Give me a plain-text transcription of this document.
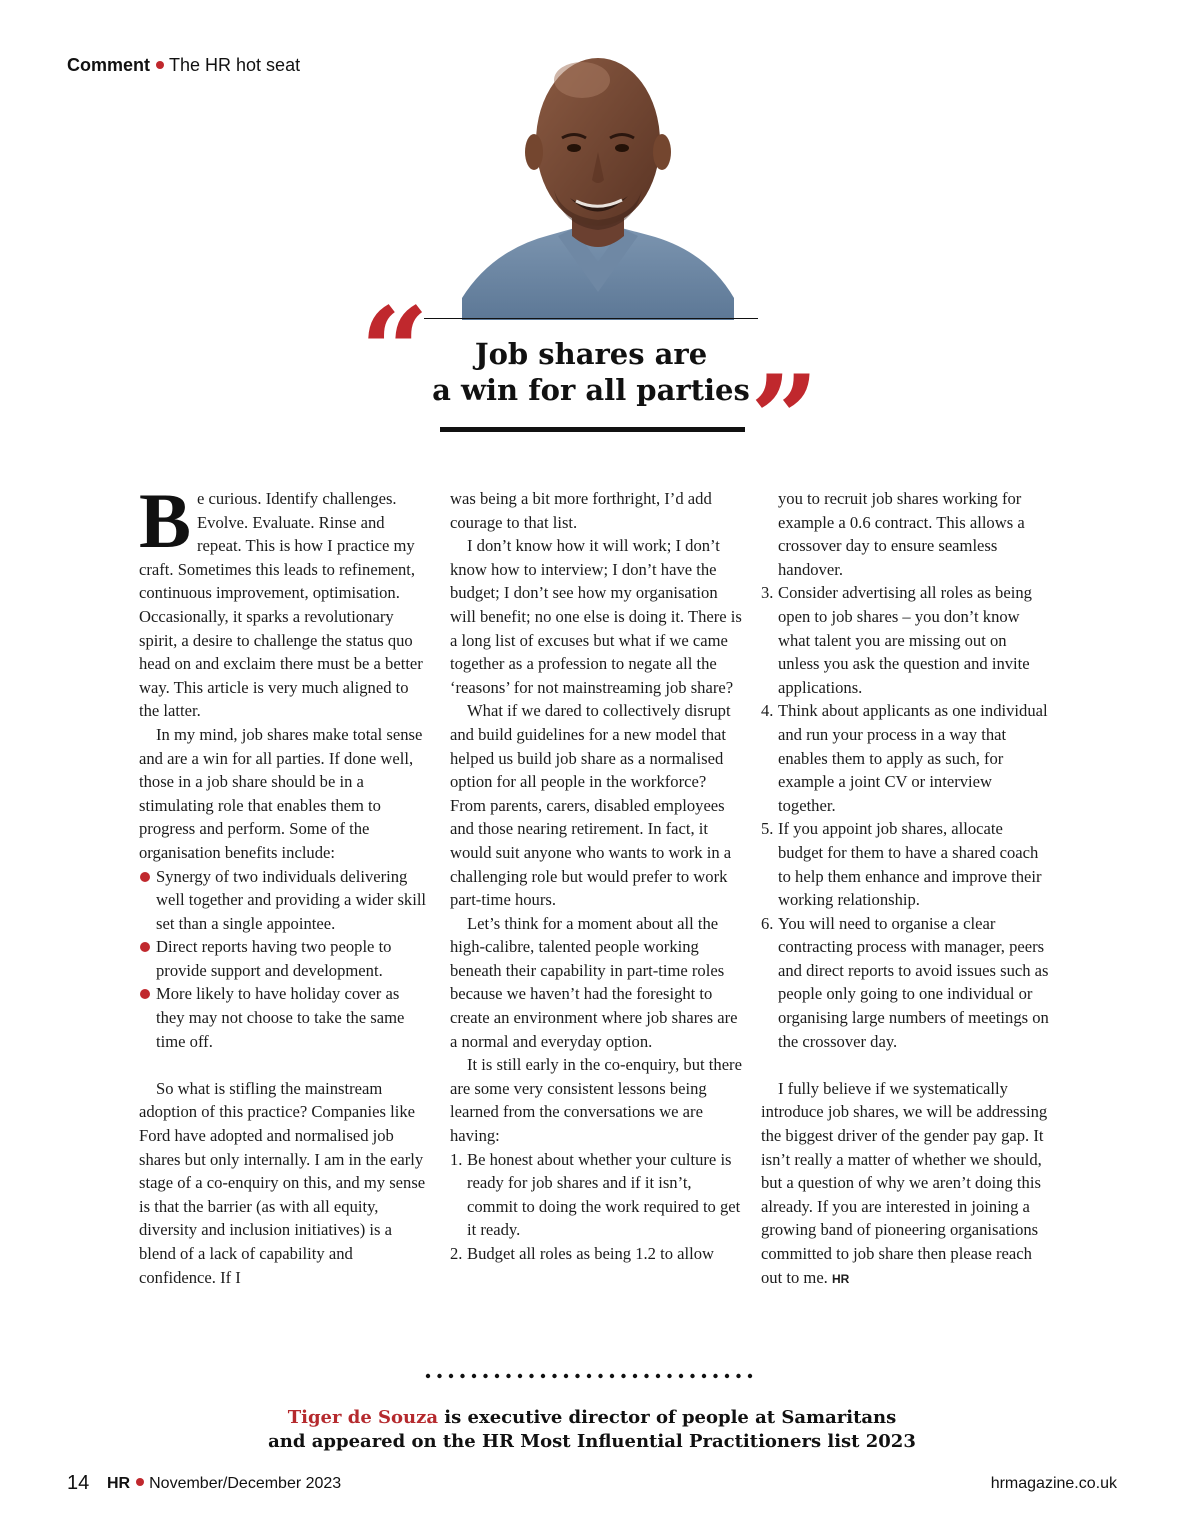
Comment The HR hot seat
“	Job shares are
a win for all parties ”

Be curious. Identify challenges. Evolve. Evaluate. Rinse and repeat. This is how I practice my craft. Sometimes this leads to refinement, continuous improvement, optimisation. Occasionally, it sparks a revolutionary spirit, a desire to challenge the status quo head on and exclaim there must be a better way. This article is very much aligned to the latter.

In my mind, job shares make total sense and are a win for all parties. If done well, those in a job share should be in a stimulating role that enables them to progress and perform. Some of the organisation benefits include:

Synergy of two individuals delivering well together and providing a wider skill set than a single appointee.
Direct reports having two people to provide support and development.
More likely to have holiday cover as they may not choose to take the same time off.

So what is stifling the mainstream adoption of this practice? Companies like Ford have adopted and normalised job shares but only internally. I am in the early stage of a co-enquiry on this, and my sense is that the barrier (as with all equity, diversity and inclusion initiatives) is a blend of a lack of capability and confidence. If I

was being a bit more forthright, I’d add courage to that list.

I don’t know how it will work; I don’t know how to interview; I don’t have the budget; I don’t see how my organisation will benefit; no one else is doing it. There is a long list of excuses but what if we came together as a profession to negate all the ‘reasons’ for not mainstreaming job share?

What if we dared to collectively disrupt and build guidelines for a new model that helped us build job share as a normalised option for all people in the workforce? From parents, carers, disabled employees and those nearing retirement. In fact, it would suit anyone who wants to work in a challenging role but would prefer to work part-time hours.

Let’s think for a moment about all the high-calibre, talented people working beneath their capability in part-time roles because we haven’t had the foresight to create an environment where job shares are a normal and everyday option.

It is still early in the co-enquiry, but there are some very consistent lessons being learned from the conversations we are having:

1. Be honest about whether your culture is ready for job shares and if it isn’t, commit to doing the work required to get it ready.
2. Budget all roles as being 1.2 to allow
you to recruit job shares working for example a 0.6 contract. This allows a crossover day to ensure seamless handover.
3. Consider advertising all roles as being open to job shares – you don’t know what talent you are missing out on unless you ask the question and invite applications.
4. Think about applicants as one individual and run your process in a way that enables them to apply as such, for example a joint CV or interview together.
5. If you appoint job shares, allocate budget for them to have a shared coach to help them enhance and improve their working relationship.
6. You will need to organise a clear contracting process with manager, peers and direct reports to avoid issues such as people only going to one individual or organising large numbers of meetings on the crossover day.

I fully believe if we systematically introduce job shares, we will be addressing the biggest driver of the gender pay gap. It isn’t really a matter of whether we should, but a question of why we aren’t doing this already. If you are interested in joining a growing band of pioneering organisations committed to job share then please reach out to me. HR

Tiger de Souza is executive director of people at Samaritans
and appeared on the HR Most Influential Practitioners list 2023
14 HR November/December 2023	hrmagazine.co.uk
